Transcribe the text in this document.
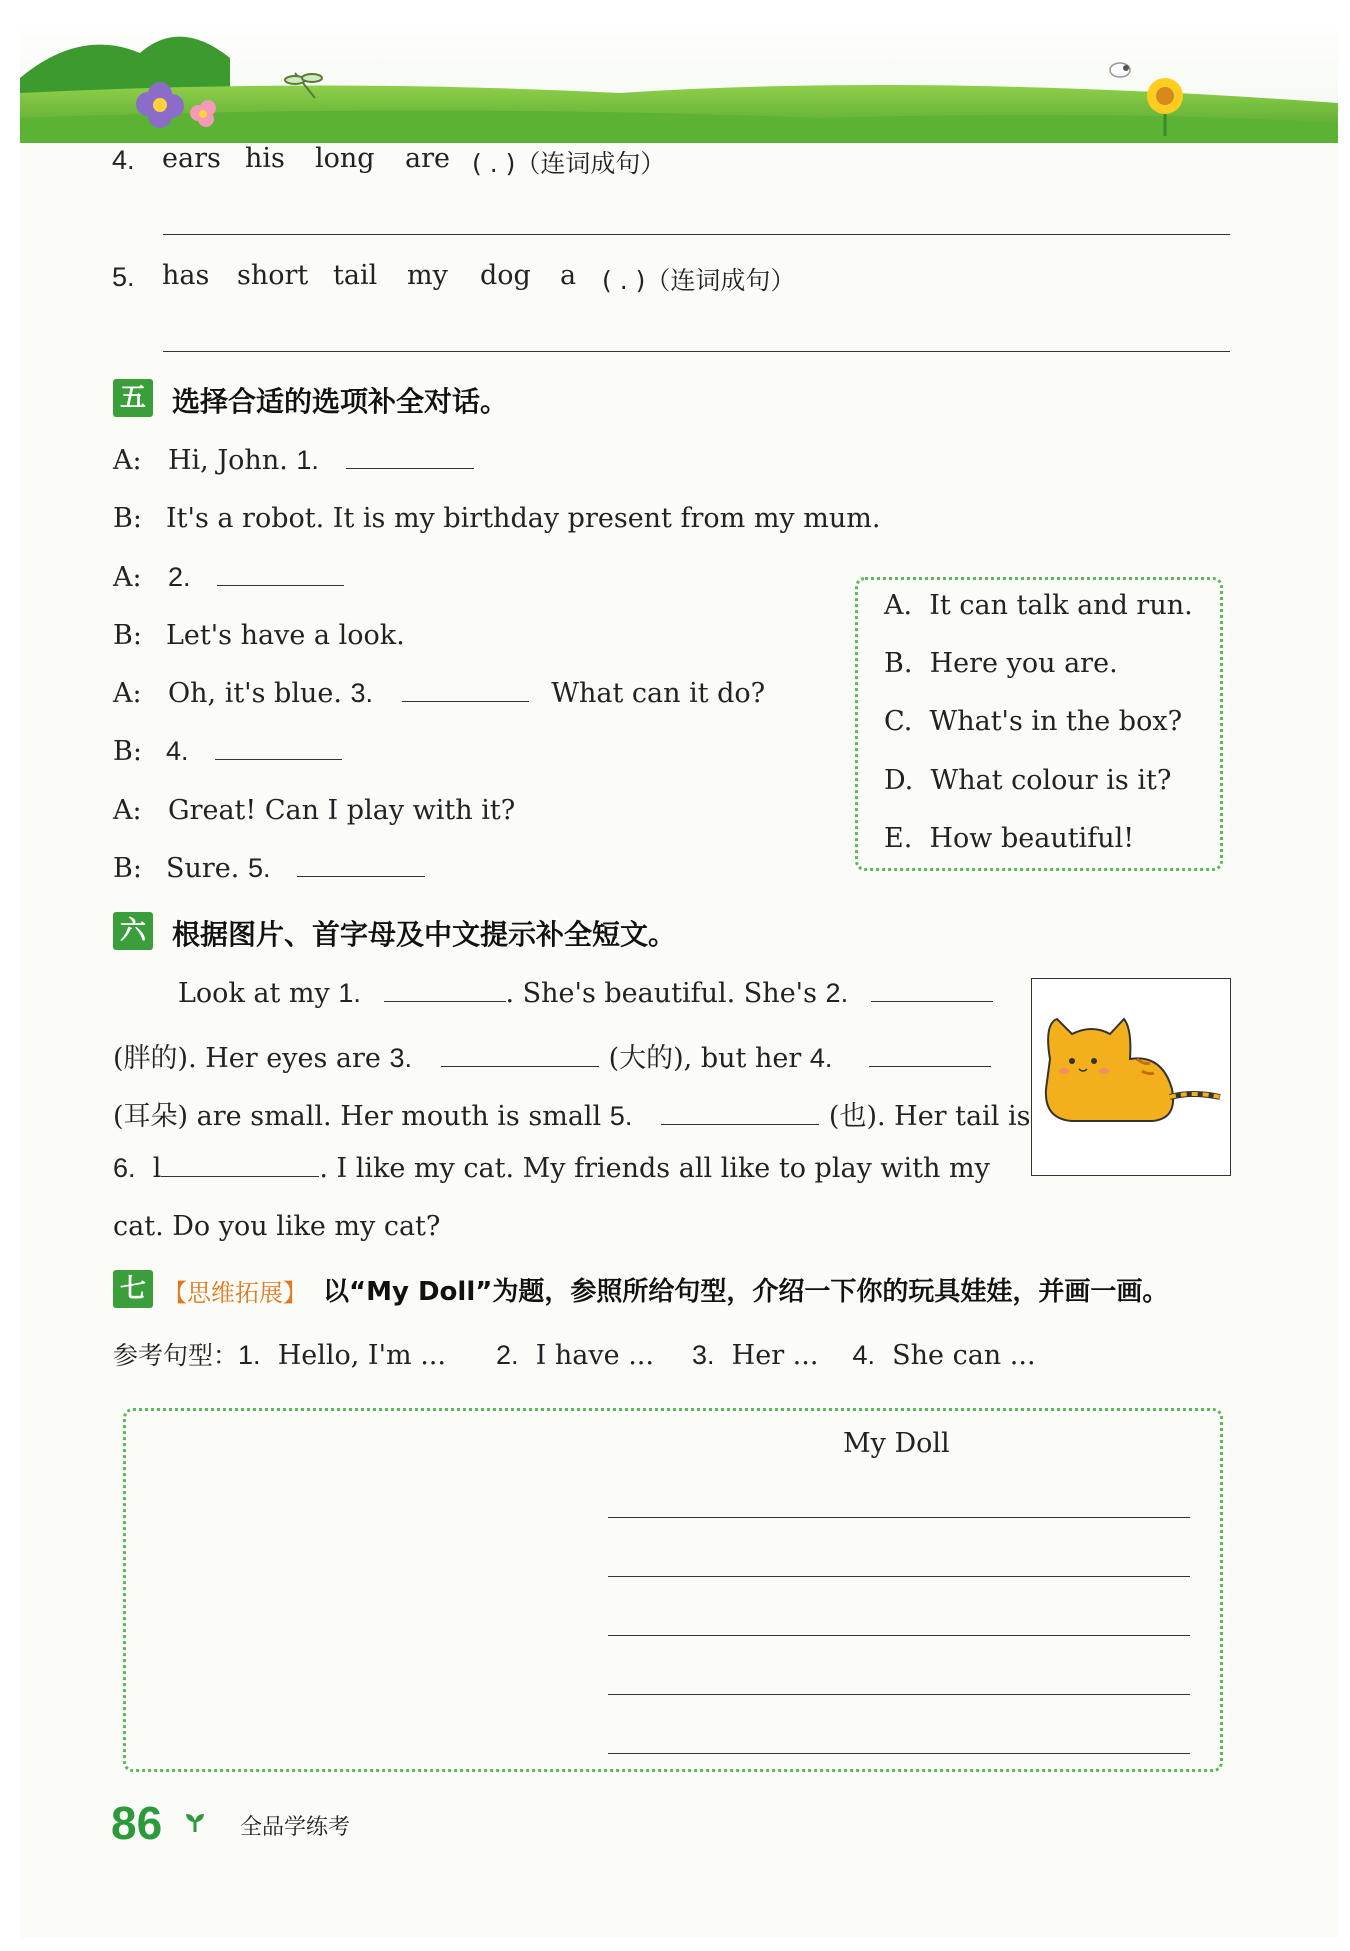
4. ears his long are ( . )（连词成句）
5. has short tail my dog a ( . )（连词成句）
五 选择合适的选项补全对话。
A: Hi, John. 1.
B: It's a robot. It is my birthday present from my mum.
A: 2.
B: Let's have a look.
A: Oh, it's blue. 3.	What can it do?
B: 4.
A: Great! Can I play with it?
B: Sure. 5.
A. It can talk and run.
B. Here you are.
C. What's in the box?
D. What colour is it?
E. How beautiful!
六 根据图片、首字母及中文提示补全短文。
Look at my 1.	. She's beautiful. She's 2.
(胖的). Her eyes are 3.	(大的), but her 4.
(耳朵) are small. Her mouth is small 5.	(也). Her tail is
6. l	. I like my cat. My friends all like to play with my
cat. Do you like my cat?
七 【思维拓展】 以“My Doll”为题，参照所给句型，介绍一下你的玩具娃娃，并画一画。
参考句型：1. Hello, I'm ... 2. I have ... 3. Her ... 4. She can ...
My Doll
86	全品学练考
